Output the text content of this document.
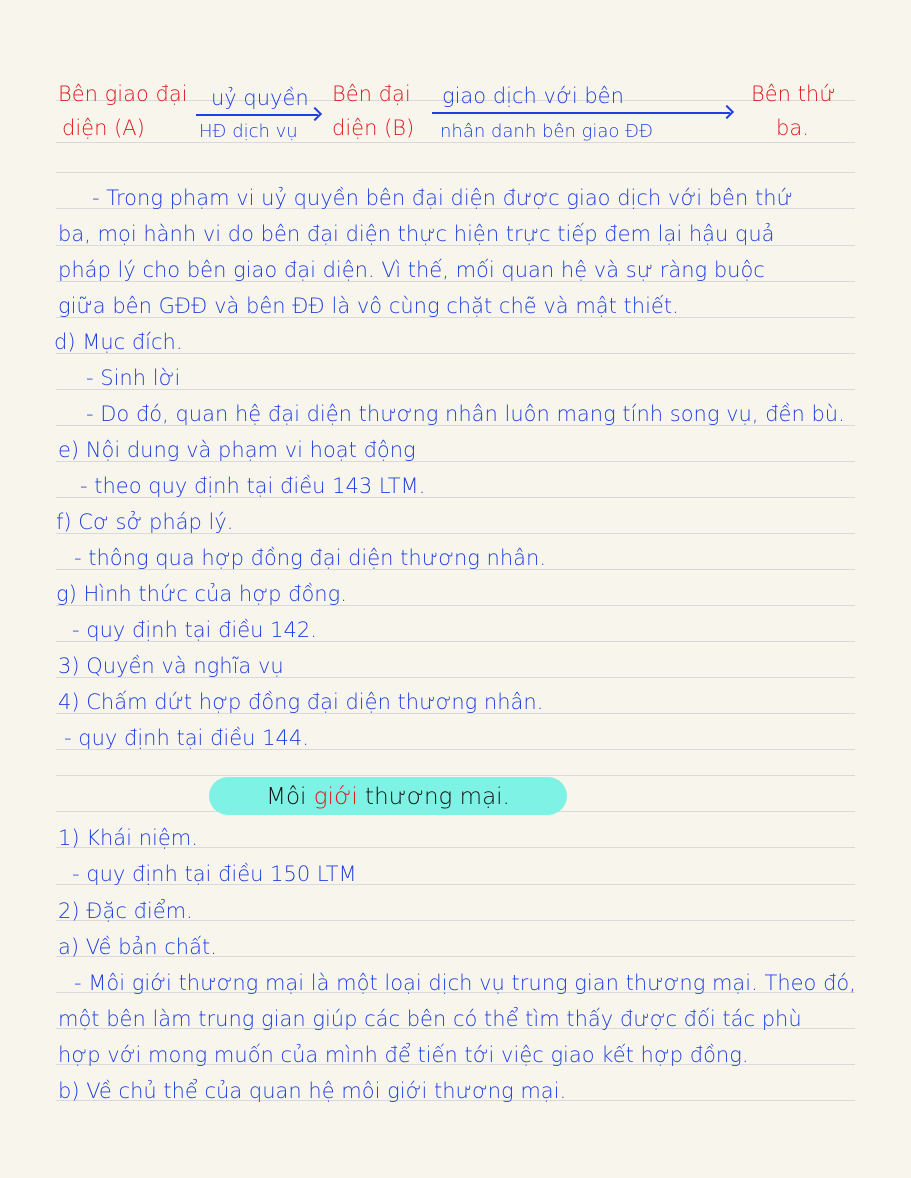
Bên giao đại
diện (A)
uỷ quyền
HĐ dịch vụ
Bên đại
diện (B)
giao dịch với bên
nhân danh bên giao ĐĐ
Bên thứ
ba.
- Trong phạm vi uỷ quyền bên đại diện được giao dịch với bên thứ
ba, mọi hành vi do bên đại diện thực hiện trực tiếp đem lại hậu quả
pháp lý cho bên giao đại diện. Vì thế, mối quan hệ và sự ràng buộc
giữa bên GĐĐ và bên ĐĐ là vô cùng chặt chẽ và mật thiết.
d) Mục đích.
- Sinh lời
- Do đó, quan hệ đại diện thương nhân luôn mang tính song vụ, đền bù.
e) Nội dung và phạm vi hoạt động
- theo quy định tại điều 143 LTM.
f) Cơ sở pháp lý.
- thông qua hợp đồng đại diện thương nhân.
g) Hình thức của hợp đồng.
- quy định tại điều 142.
3) Quyền và nghĩa vụ
4) Chấm dứt hợp đồng đại diện thương nhân.
- quy định tại điều 144.
Môi giới thương mại.
1) Khái niệm.
- quy định tại điều 150 LTM
2) Đặc điểm.
a) Về bản chất.
- Môi giới thương mại là một loại dịch vụ trung gian thương mại. Theo đó,
một bên làm trung gian giúp các bên có thể tìm thấy được đối tác phù
hợp với mong muốn của mình để tiến tới việc giao kết hợp đồng.
b) Về chủ thể của quan hệ môi giới thương mại.
